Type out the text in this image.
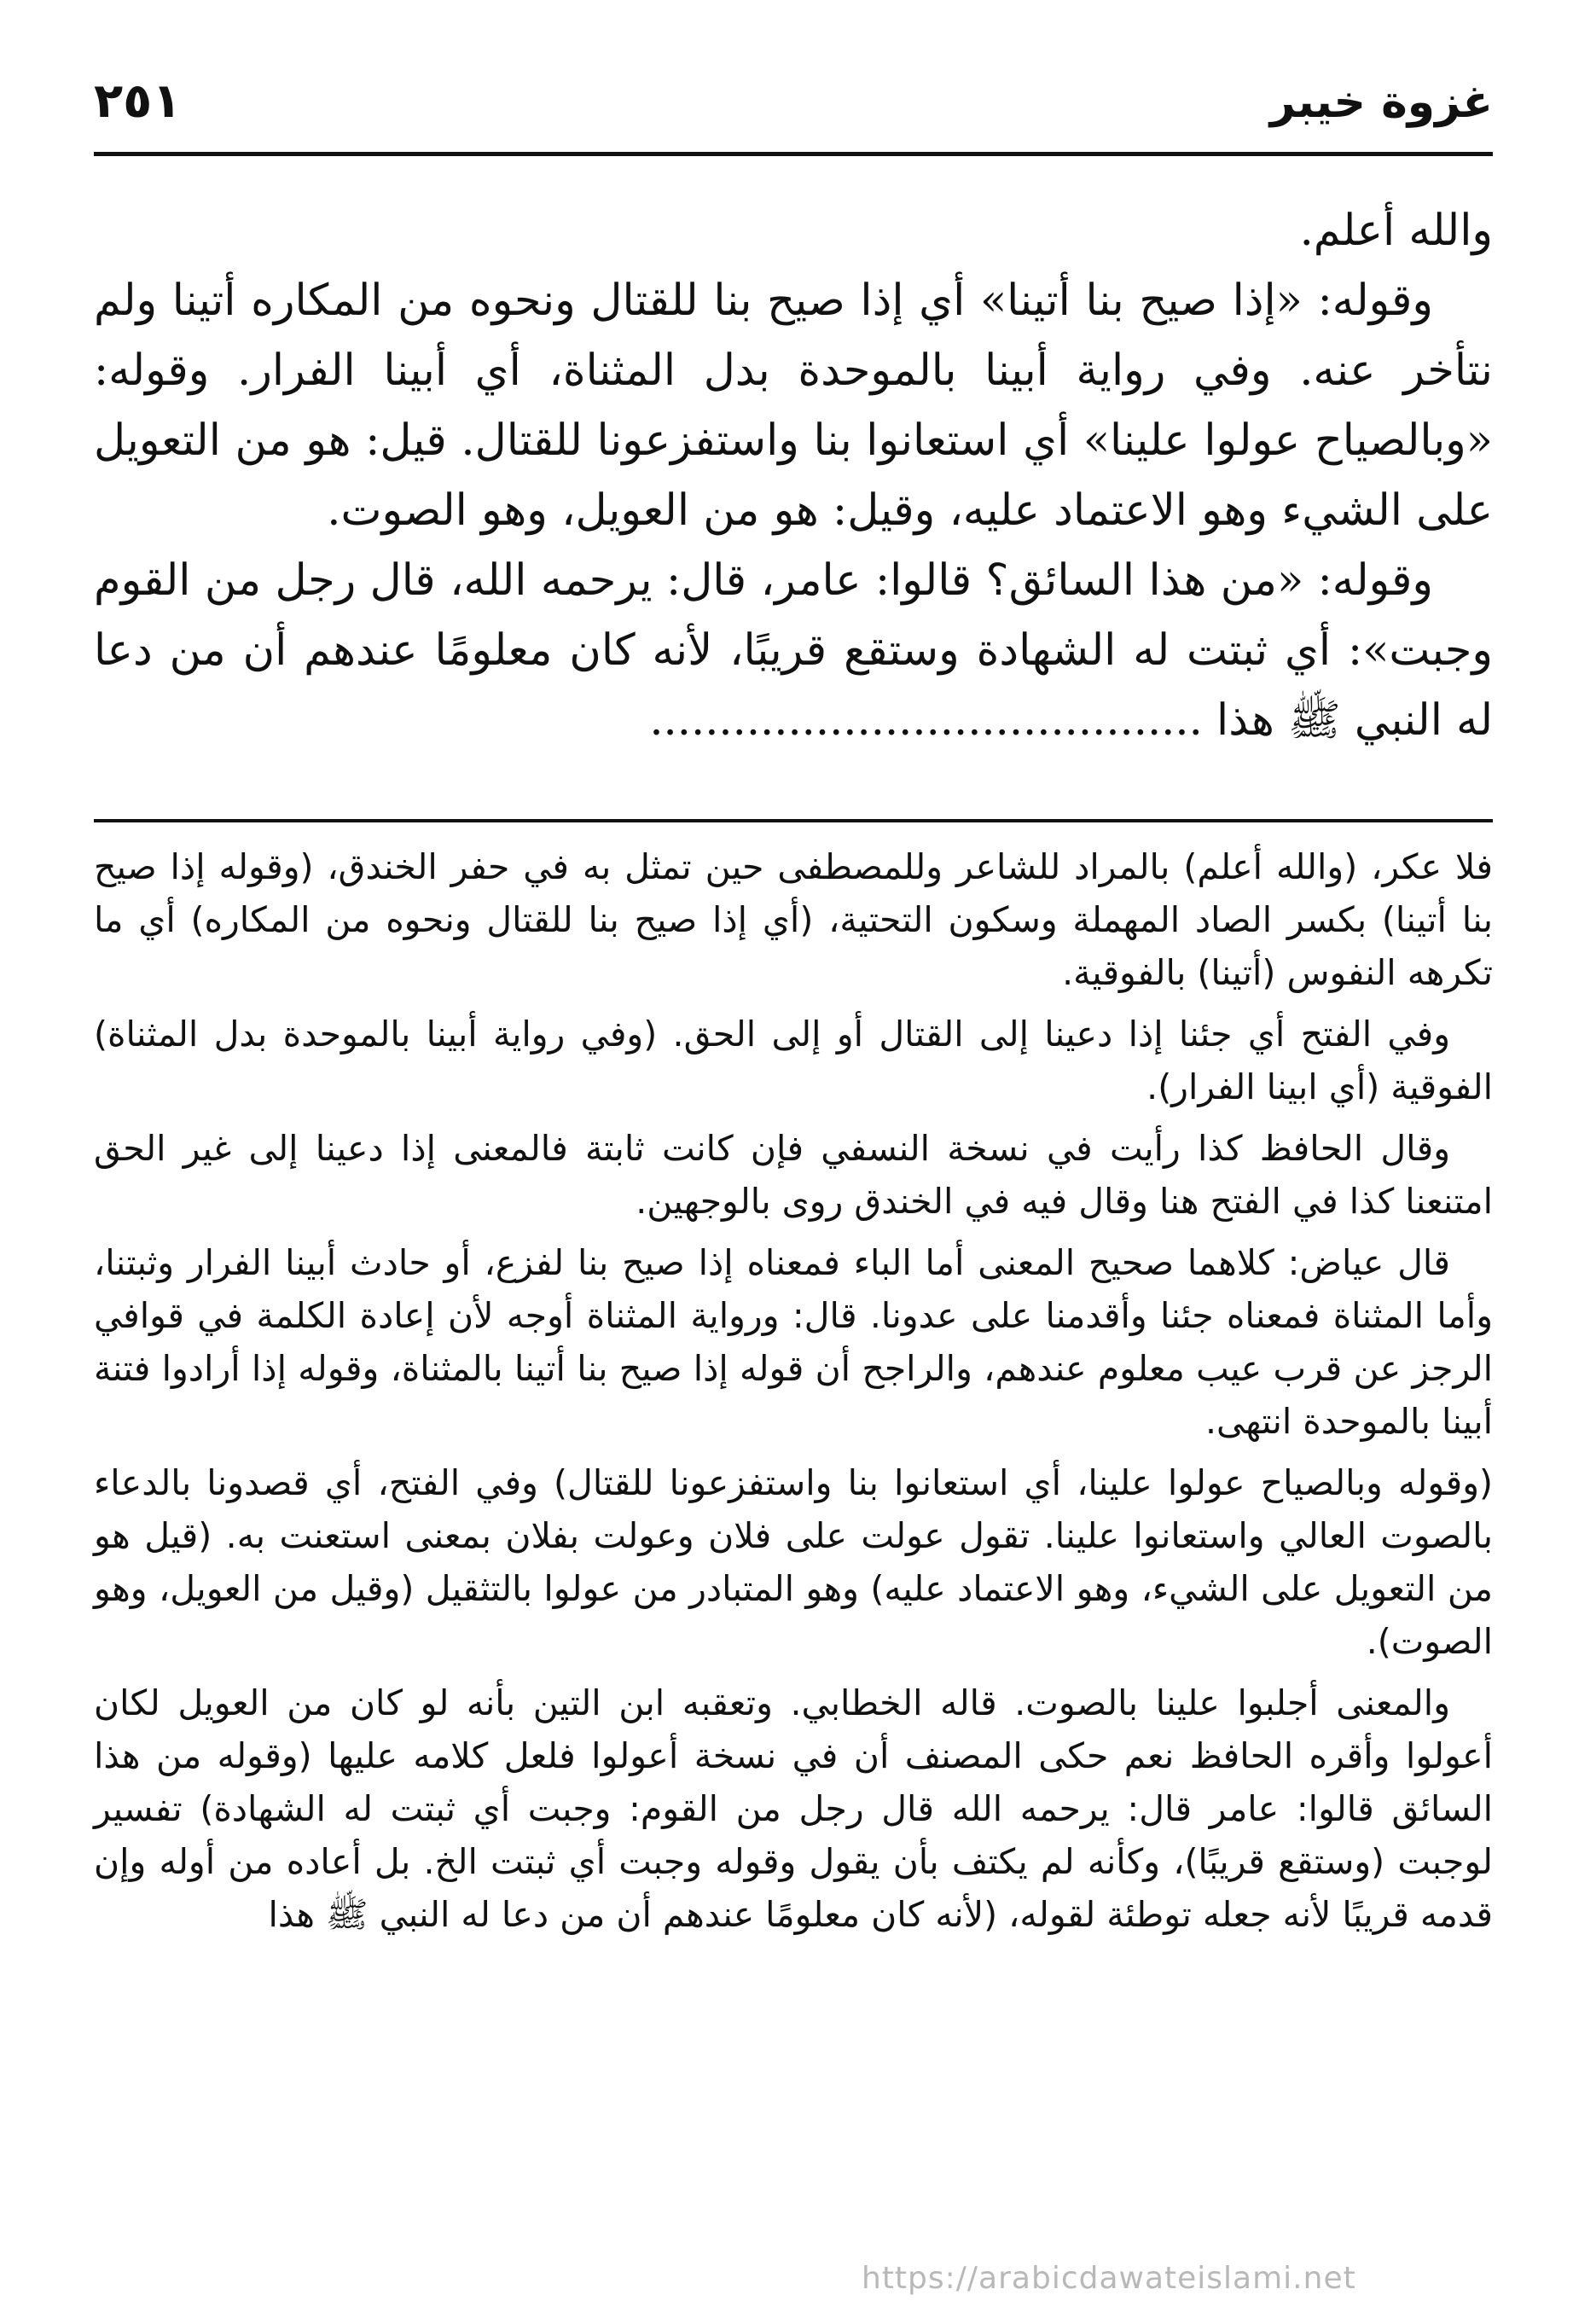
غزوة خيبر
٢٥١

والله أعلم.

وقوله: «إذا صيح بنا أتينا» أي إذا صيح بنا للقتال ونحوه من المكاره أتينا ولم نتأخر عنه. وفي رواية أبينا بالموحدة بدل المثناة، أي أبينا الفرار. وقوله: «وبالصياح عولوا علينا» أي استعانوا بنا واستفزعونا للقتال. قيل: هو من التعويل على الشيء وهو الاعتماد عليه، وقيل: هو من العويل، وهو الصوت.

وقوله: «من هذا السائق؟ قالوا: عامر، قال: يرحمه الله، قال رجل من القوم وجبت»: أي ثبتت له الشهادة وستقع قريبًا، لأنه كان معلومًا عندهم أن من دعا له النبي ﷺ هذا ........................................

فلا عكر، (والله أعلم) بالمراد للشاعر وللمصطفى حين تمثل به في حفر الخندق، (وقوله إذا صيح بنا أتينا) بكسر الصاد المهملة وسكون التحتية، (أي إذا صيح بنا للقتال ونحوه من المكاره) أي ما تكرهه النفوس (أتينا) بالفوقية.

وفي الفتح أي جئنا إذا دعينا إلى القتال أو إلى الحق. (وفي رواية أبينا بالموحدة بدل المثناة) الفوقية (أي ابينا الفرار).

وقال الحافظ كذا رأيت في نسخة النسفي فإن كانت ثابتة فالمعنى إذا دعينا إلى غير الحق امتنعنا كذا في الفتح هنا وقال فيه في الخندق روى بالوجهين.

قال عياض: كلاهما صحيح المعنى أما الباء فمعناه إذا صيح بنا لفزع، أو حادث أبينا الفرار وثبتنا، وأما المثناة فمعناه جئنا وأقدمنا على عدونا. قال: ورواية المثناة أوجه لأن إعادة الكلمة في قوافي الرجز عن قرب عيب معلوم عندهم، والراجح أن قوله إذا صيح بنا أتينا بالمثناة، وقوله إذا أرادوا فتنة أبينا بالموحدة انتهى.

(وقوله وبالصياح عولوا علينا، أي استعانوا بنا واستفزعونا للقتال) وفي الفتح، أي قصدونا بالدعاء بالصوت العالي واستعانوا علينا. تقول عولت على فلان وعولت بفلان بمعنى استعنت به. (قيل هو من التعويل على الشيء، وهو الاعتماد عليه) وهو المتبادر من عولوا بالتثقيل (وقيل من العويل، وهو الصوت).

والمعنى أجلبوا علينا بالصوت. قاله الخطابي. وتعقبه ابن التين بأنه لو كان من العويل لكان أعولوا وأقره الحافظ نعم حكى المصنف أن في نسخة أعولوا فلعل كلامه عليها (وقوله من هذا السائق قالوا: عامر قال: يرحمه الله قال رجل من القوم: وجبت أي ثبتت له الشهادة) تفسير لوجبت (وستقع قريبًا)، وكأنه لم يكتف بأن يقول وقوله وجبت أي ثبتت الخ. بل أعاده من أوله وإن قدمه قريبًا لأنه جعله توطئة لقوله، (لأنه كان معلومًا عندهم أن من دعا له النبي ﷺ هذا

https://arabicdawateislami.net
